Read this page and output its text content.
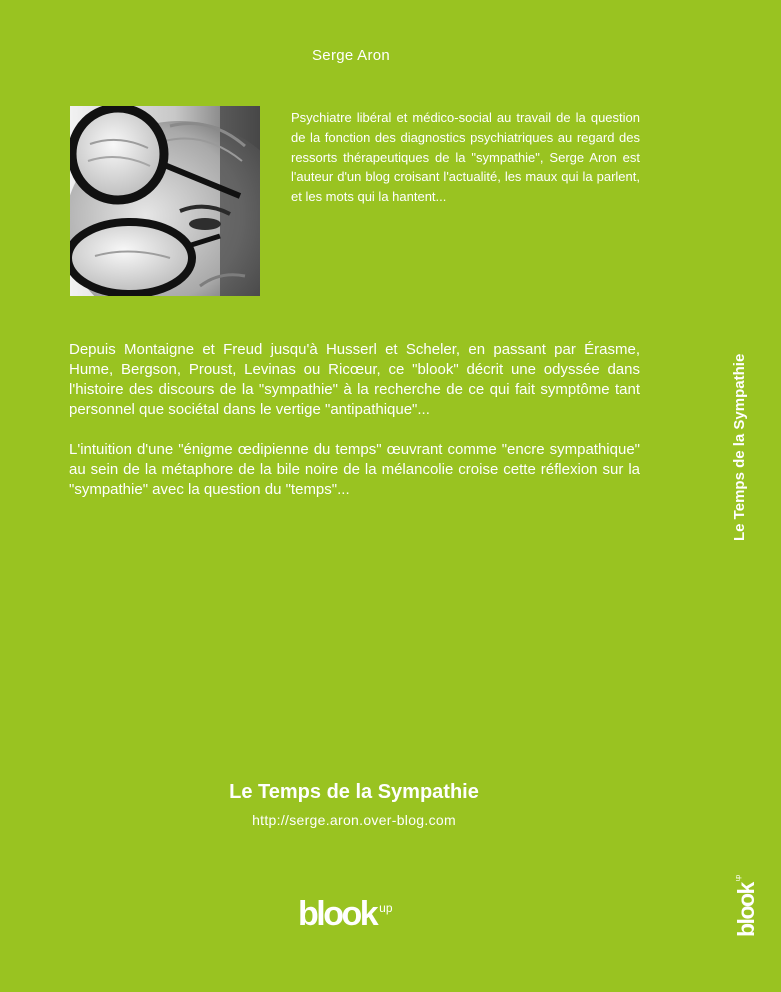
Serge Aron

Psychiatre libéral et médico-social au travail de la question de la fonction des diagnostics psychiatriques au regard des ressorts thérapeutiques de la "sympathie", Serge Aron est l'auteur d'un blog croisant l'actualité, les maux qui la parlent, et les mots qui la hantent...

Depuis Montaigne et Freud jusqu'à Husserl et Scheler, en passant par Érasme, Hume, Bergson, Proust, Levinas ou Ricœur, ce "blook" décrit une odyssée dans l'histoire des discours de la "sympathie" à la recherche de ce qui fait symptôme tant personnel que sociétal dans le vertige "antipathique"...

L'intuition d'une "énigme œdipienne du temps" œuvrant comme "encre sympathique" au sein de la métaphore de la bile noire de la mélancolie croise cette réflexion sur la "sympathie" avec la question du "temps"...

Le Temps de la Sympathie
http://serge.aron.over-blog.com
blook $^{up}$
Le Temps de la Sympathie
blook$^{up}$
